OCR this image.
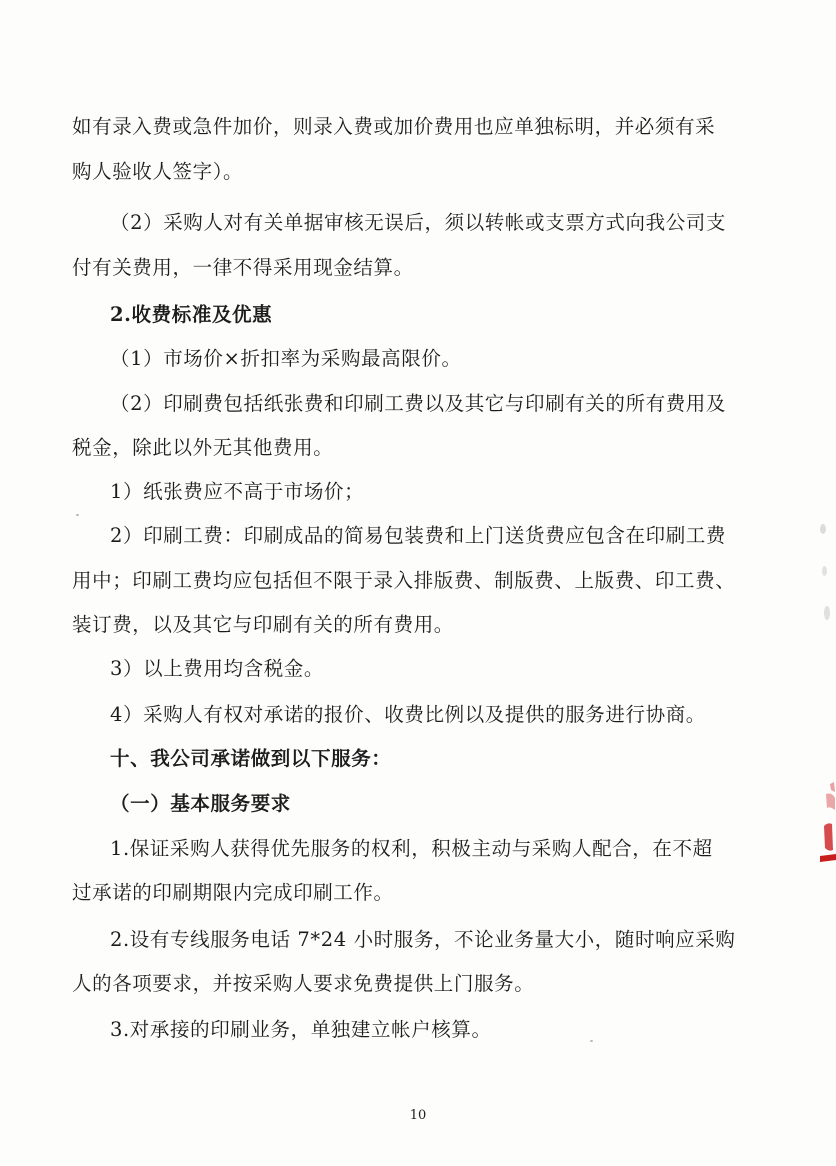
如有录入费或急件加价，则录入费或加价费用也应单独标明，并必须有采
购人验收人签字）。
（2）采购人对有关单据审核无误后，须以转帐或支票方式向我公司支
付有关费用，一律不得采用现金结算。
2.收费标准及优惠
（1）市场价×折扣率为采购最高限价。
（2）印刷费包括纸张费和印刷工费以及其它与印刷有关的所有费用及
税金，除此以外无其他费用。
1）纸张费应不高于市场价；
2）印刷工费：印刷成品的简易包装费和上门送货费应包含在印刷工费
用中；印刷工费均应包括但不限于录入排版费、制版费、上版费、印工费、
装订费，以及其它与印刷有关的所有费用。
3）以上费用均含税金。
4）采购人有权对承诺的报价、收费比例以及提供的服务进行协商。
十、我公司承诺做到以下服务：
（一）基本服务要求
1.保证采购人获得优先服务的权利，积极主动与采购人配合，在不超
过承诺的印刷期限内完成印刷工作。
2.设有专线服务电话 7*24 小时服务，不论业务量大小，随时响应采购
人的各项要求，并按采购人要求免费提供上门服务。
3.对承接的印刷业务，单独建立帐户核算。
10
